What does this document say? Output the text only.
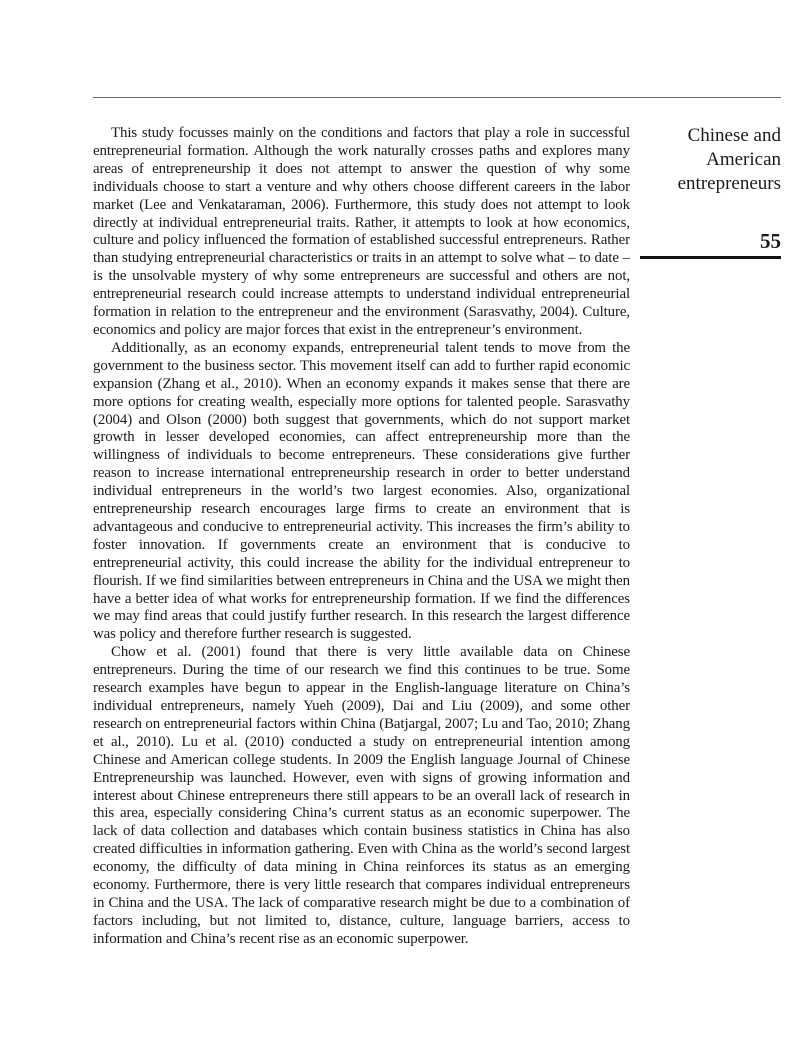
Chinese and
American
entrepreneurs
55

This study focusses mainly on the conditions and factors that play a role in successful entrepreneurial formation. Although the work naturally crosses paths and explores many areas of entrepreneurship it does not attempt to answer the question of why some individuals choose to start a venture and why others choose different careers in the labor market (Lee and Venkataraman, 2006). Furthermore, this study does not attempt to look directly at individual entrepreneurial traits. Rather, it attempts to look at how economics, culture and policy influenced the formation of established successful entrepreneurs. Rather than studying entrepreneurial characteristics or traits in an attempt to solve what – to date – is the unsolvable mystery of why some entrepreneurs are successful and others are not, entrepreneurial research could increase attempts to understand individual entrepreneurial formation in relation to the entrepreneur and the environment (Sarasvathy, 2004). Culture, economics and policy are major forces that exist in the entrepreneur’s environment.

Additionally, as an economy expands, entrepreneurial talent tends to move from the government to the business sector. This movement itself can add to further rapid economic expansion (Zhang et al., 2010). When an economy expands it makes sense that there are more options for creating wealth, especially more options for talented people. Sarasvathy (2004) and Olson (2000) both suggest that governments, which do not support market growth in lesser developed economies, can affect entrepreneurship more than the willingness of individuals to become entrepreneurs. These considerations give further reason to increase international entrepreneurship research in order to better understand individual entrepreneurs in the world’s two largest economies. Also, organizational entrepreneurship research encourages large firms to create an environment that is advantageous and conducive to entrepreneurial activity. This increases the firm’s ability to foster innovation. If governments create an environment that is conducive to entrepreneurial activity, this could increase the ability for the individual entrepreneur to flourish. If we find similarities between entrepreneurs in China and the USA we might then have a better idea of what works for entrepreneurship formation. If we find the differences we may find areas that could justify further research. In this research the largest difference was policy and therefore further research is suggested.

Chow et al. (2001) found that there is very little available data on Chinese entrepreneurs. During the time of our research we find this continues to be true. Some research examples have begun to appear in the English-language literature on China’s individual entrepreneurs, namely Yueh (2009), Dai and Liu (2009), and some other research on entrepreneurial factors within China (Batjargal, 2007; Lu and Tao, 2010; Zhang et al., 2010). Lu et al. (2010) conducted a study on entrepreneurial intention among Chinese and American college students. In 2009 the English language Journal of Chinese Entrepreneurship was launched. However, even with signs of growing information and interest about Chinese entrepreneurs there still appears to be an overall lack of research in this area, especially considering China’s current status as an economic superpower. The lack of data collection and databases which contain business statistics in China has also created difficulties in information gathering. Even with China as the world’s second largest economy, the difficulty of data mining in China reinforces its status as an emerging economy. Furthermore, there is very little research that compares individual entrepreneurs in China and the USA. The lack of comparative research might be due to a combination of factors including, but not limited to, distance, culture, language barriers, access to information and China’s recent rise as an economic superpower.
